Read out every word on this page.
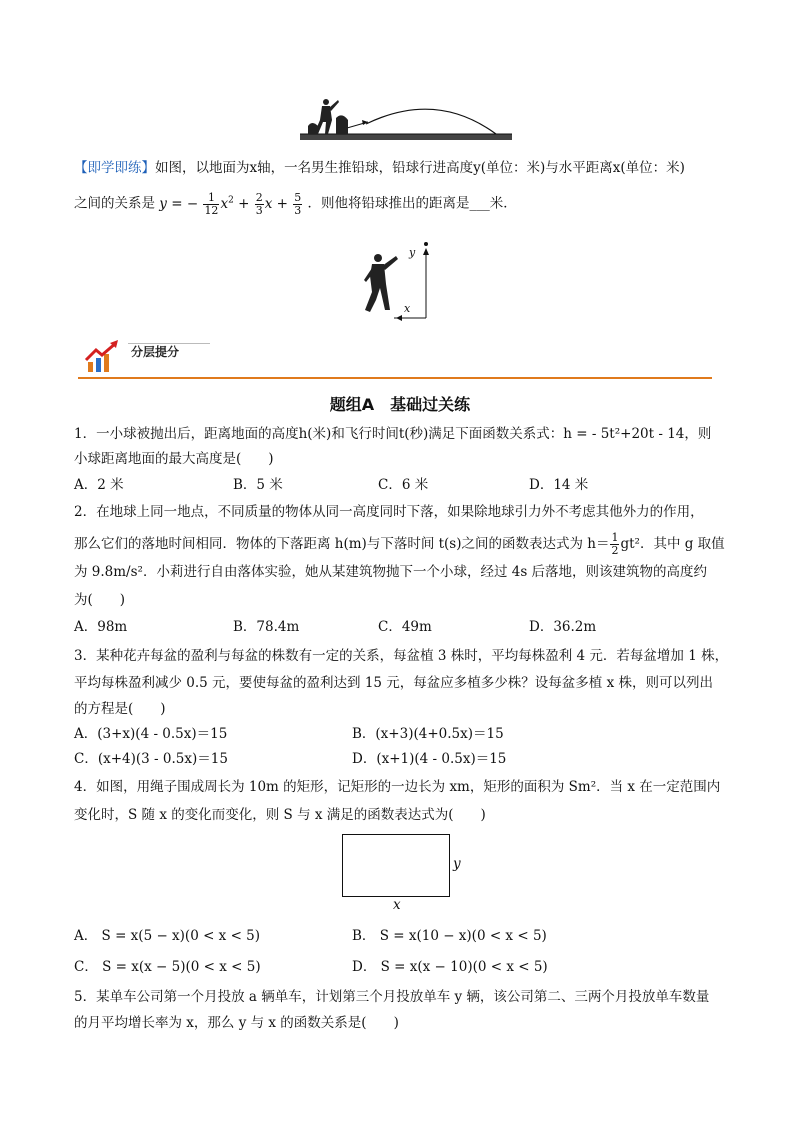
【即学即练】如图，以地面为x轴，一名男生推铅球，铅球行进高度y(单位：米)与水平距离x(单位：米)
之间的关系是 y = − $\frac{1}{12} x^2 + \frac{2}{3}$ $x + \frac{5}{3}$ ．则他将铅球推出的距离是___米．
y
x
分层提分
题组A　基础过关练
1．一小球被抛出后，距离地面的高度h(米)和飞行时间t(秒)满足下面函数关系式：h = - 5t²+20t - 14，则
小球距离地面的最大高度是(　　)
A．2 米	B．5 米	C．6 米	D．14 米
2．在地球上同一地点，不同质量的物体从同一高度同时下落，如果除地球引力外不考虑其他外力的作用，
那么它们的落地时间相同．物体的下落距离 h(m)与下落时间 t(s)之间的函数表达式为 $h= \frac{1}{2} gt^2$．其中 g 取值
为 9.8m/s²．小莉进行自由落体实验，她从某建筑物抛下一个小球，经过 4s 后落地，则该建筑物的高度约
为(　　)
A．98m	B．78.4m	C．49m	D．36.2m
3．某种花卉每盆的盈利与每盆的株数有一定的关系，每盆植 3 株时，平均每株盈利 4 元．若每盆增加 1 株，
平均每株盈利减少 0.5 元，要使每盆的盈利达到 15 元，每盆应多植多少株？设每盆多植 x 株，则可以列出
的方程是(　　)
A．(3+x)(4 - 0.5x)＝15	B．(x+3)(4+0.5x)＝15
C．(x+4)(3 - 0.5x)＝15	D．(x+1)(4 - 0.5x)＝15
4．如图，用绳子围成周长为 10m 的矩形，记矩形的一边长为 xm，矩形的面积为 Sm²．当 x 在一定范围内
变化时，S 随 x 的变化而变化，则 S 与 x 满足的函数表达式为(　　)
y
x
A． S = x(5 − x)(0 < x < 5)	B． S = x(10 − x)(0 < x < 5)
C． S = x(x − 5)(0 < x < 5)	D． S = x(x − 10)(0 < x < 5)
5．某单车公司第一个月投放 a 辆单车，计划第三个月投放单车 y 辆，该公司第二、三两个月投放单车数量
的月平均增长率为 x，那么 y 与 x 的函数关系是(　　)
